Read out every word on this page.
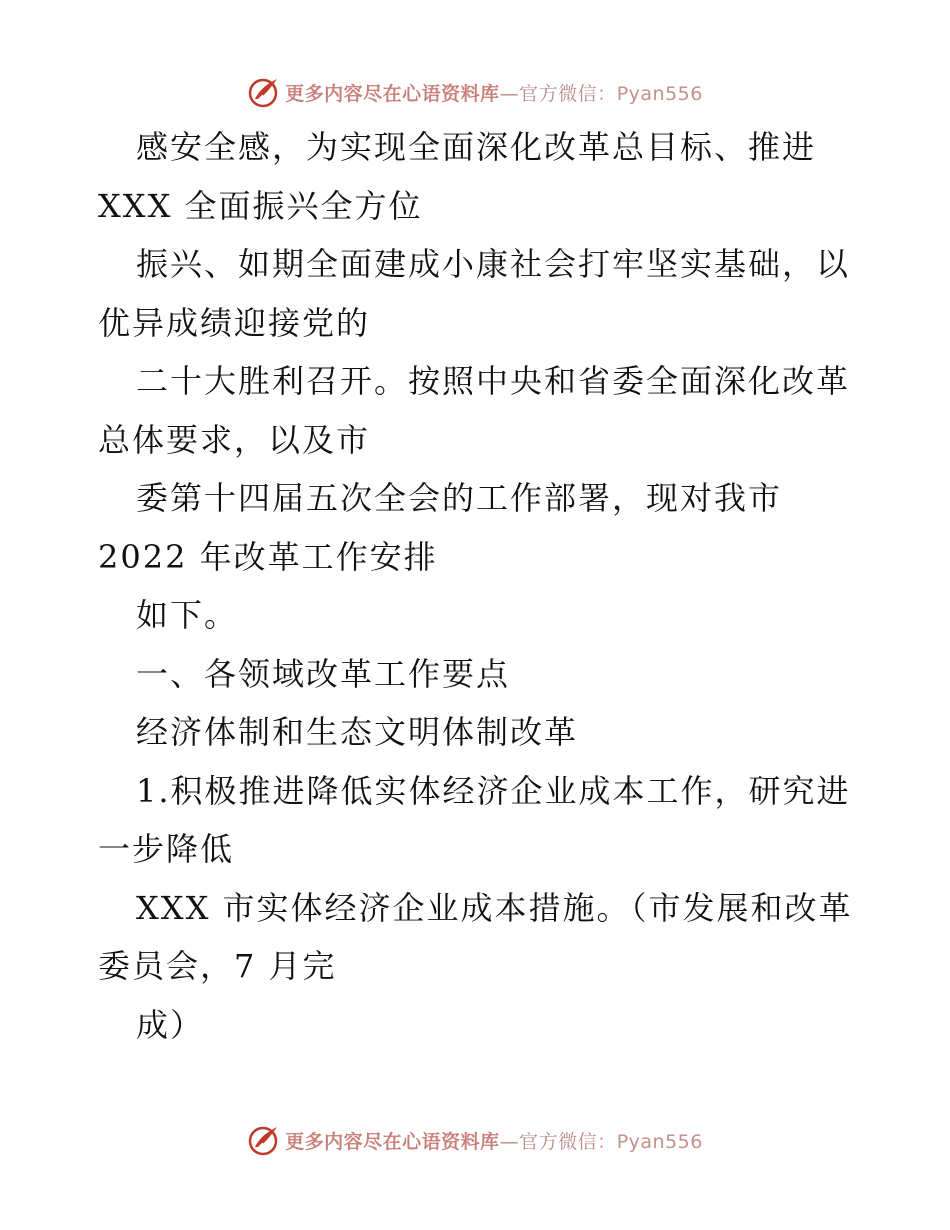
更多内容尽在心语资料库—官方微信：Pyan556
感安全感，为实现全面深化改革总目标、推进
XXX 全面振兴全方位
振兴、如期全面建成小康社会打牢坚实基础，以
优异成绩迎接党的
二十大胜利召开。按照中央和省委全面深化改革
总体要求，以及市
委第十四届五次全会的工作部署，现对我市
2022 年改革工作安排
如下。
一、各领域改革工作要点
经济体制和生态文明体制改革
1.积极推进降低实体经济企业成本工作，研究进
一步降低
XXX 市实体经济企业成本措施。（市发展和改革
委员会，7 月完
成）
更多内容尽在心语资料库—官方微信：Pyan556
